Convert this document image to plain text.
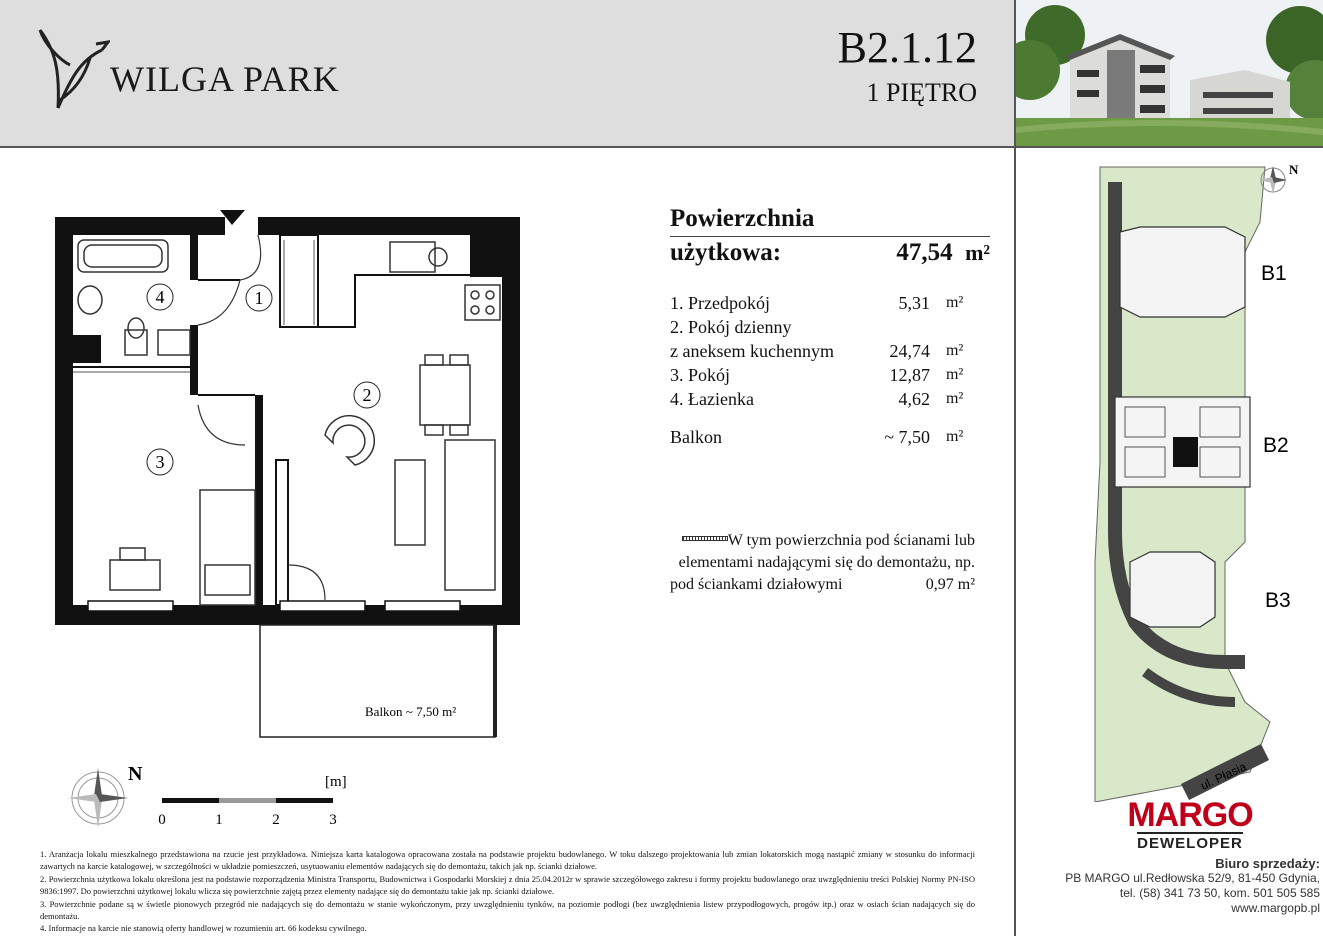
WILGA PARK
B2.1.12
1 PIĘTRO
1
2
3
4
Balkon ~ 7,50 m²
Powierzchnia
użytkowa:	47,54 m²
1. Przedpokój	5,31	m²
2. Pokój dzienny
z aneksem kuchennym	24,74	m²
3. Pokój	12,87	m²
4. Łazienka	4,62	m²
Balkon	~ 7,50	m²
W tym powierzchnia pod ścianami lub
elementami nadającymi się do demontażu, np.
pod ściankami działowymi	0,97 m²
N	[m]
0	1	2	3
1. Aranżacja lokalu mieszkalnego przedstawiona na rzucie jest przykładowa. Niniejsza karta katalogowa opracowana została na podstawie projektu budowlanego. W toku dalszego projektowania lub zmian lokatorskich mogą nastąpić zmiany w stosunku do informacji zawartych na karcie katalogowej, w szczególności w układzie pomieszczeń, usytuowaniu elementów nadających się do demontażu, takich jak np. ścianki działowe.
2. Powierzchnia użytkowa lokalu określona jest na podstawie rozporządzenia Ministra Transportu, Budownictwa i Gospodarki Morskiej z dnia 25.04.2012r w sprawie szczegółowego zakresu i formy projektu budowlanego oraz uwzględnieniu treści Polskiej Normy PN-ISO 9836:1997. Do powierzchni użytkowej lokalu wlicza się powierzchnie zajętą przez elementy nadające się do demontażu takie jak np. ścianki działowe.
3. Powierzchnie podane są w świetle pionowych przegród nie nadających się do demontażu w stanie wykończonym, przy uwzględnieniu tynków, na poziomie podłogi (bez uwzględnienia listew przypodłogowych, progów itp.) oraz w osiach ścian nadających się do demontażu.
4. Informacje na karcie nie stanowią oferty handlowej w rozumieniu art. 66 kodeksu cywilnego.
B1
B2
B3
ul. Płasia
N
MARGO
DEWELOPER
Biuro sprzedaży:
PB MARGO ul.Redłowska 52/9, 81-450 Gdynia,
tel. (58) 341 73 50, kom. 501 505 585
www.margopb.pl
